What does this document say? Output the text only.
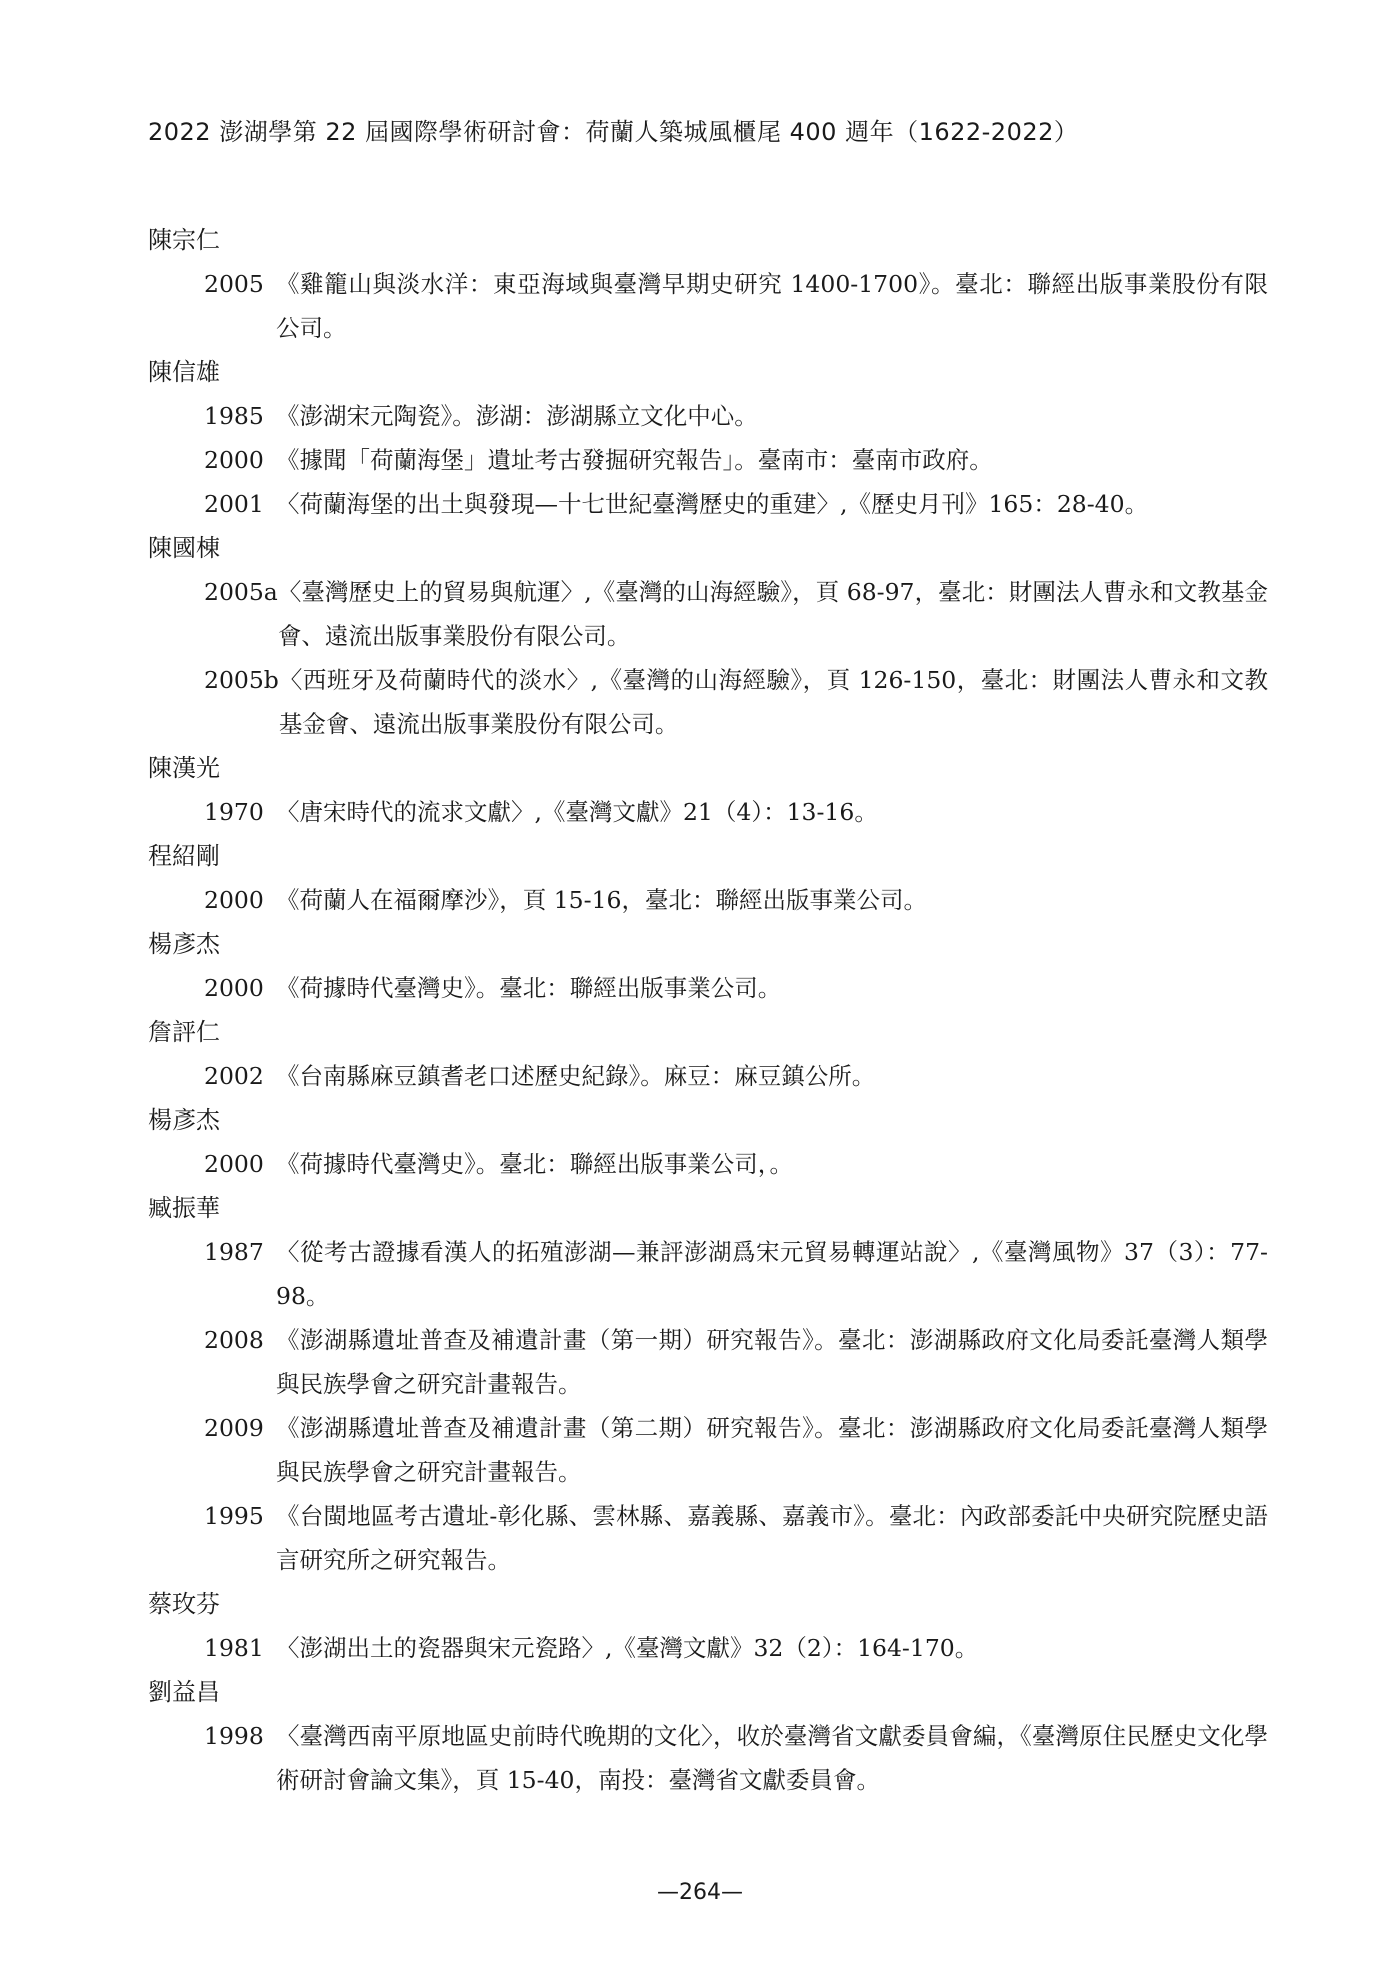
2022 澎湖學第 22 屆國際學術研討會：荷蘭人築城風櫃尾 400 週年（1622-2022）
陳宗仁
2005 《雞籠山與淡水洋：東亞海域與臺灣早期史研究 1400-1700》。臺北：聯經出版事業股份有限公司。
陳信雄
1985 《澎湖宋元陶瓷》。澎湖：澎湖縣立文化中心。
2000 《據聞「荷蘭海堡」遺址考古發掘研究報告」。臺南市：臺南市政府。
2001 〈荷蘭海堡的出土與發現—十七世紀臺灣歷史的重建〉,《歷史月刊》165：28-40。
陳國棟
2005a 〈臺灣歷史上的貿易與航運〉,《臺灣的山海經驗》，頁 68-97，臺北：財團法人曹永和文教基金會、遠流出版事業股份有限公司。
2005b 〈西班牙及荷蘭時代的淡水〉,《臺灣的山海經驗》，頁 126-150，臺北：財團法人曹永和文教基金會、遠流出版事業股份有限公司。
陳漢光
1970 〈唐宋時代的流求文獻〉,《臺灣文獻》21（4）：13-16。
程紹剛
2000 《荷蘭人在福爾摩沙》，頁 15-16，臺北：聯經出版事業公司。
楊彥杰
2000 《荷據時代臺灣史》。臺北：聯經出版事業公司。
詹評仁
2002 《台南縣麻豆鎮耆老口述歷史紀錄》。麻豆：麻豆鎮公所。
楊彥杰
2000 《荷據時代臺灣史》。臺北：聯經出版事業公司，。
臧振華
1987 〈從考古證據看漢人的拓殖澎湖—兼評澎湖爲宋元貿易轉運站說〉,《臺灣風物》37（3）：77-98。
2008 《澎湖縣遺址普查及補遺計畫（第一期）研究報告》。臺北：澎湖縣政府文化局委託臺灣人類學與民族學會之研究計畫報告。
2009 《澎湖縣遺址普查及補遺計畫（第二期）研究報告》。臺北：澎湖縣政府文化局委託臺灣人類學與民族學會之研究計畫報告。
1995 《台閩地區考古遺址-彰化縣、雲林縣、嘉義縣、嘉義市》。臺北：內政部委託中央研究院歷史語言研究所之研究報告。
蔡玫芬
1981 〈澎湖出土的瓷器與宋元瓷路〉,《臺灣文獻》32（2）：164-170。
劉益昌
1998 〈臺灣西南平原地區史前時代晚期的文化〉，收於臺灣省文獻委員會編，《臺灣原住民歷史文化學術研討會論文集》，頁 15-40，南投：臺灣省文獻委員會。
—264—
